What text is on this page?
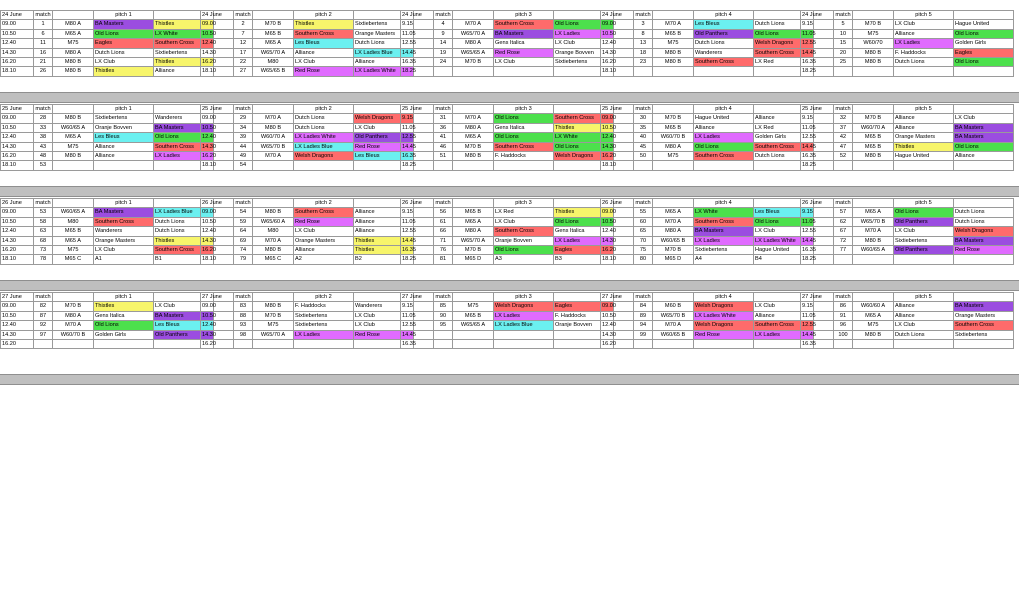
24 June	match		pitch 1	
09.00	1	M80 A	BA Masters	Thistles
10.50	6	M65 A	Old Lions	LX White
12.40	11	M75	Eagles	Southern Cross
14.30	16	M80 A	Dutch Lions	Sixtiebertens
16.20	21	M80 B	LX Club	Thistles
18.10	26	M80 B	Thistles	Alliance
24 June	match		pitch 2	
09.00	2	M70 B	Thistles	Sixtiebertens
10.50	7	M65 B	Southern Cross	Orange Masters
12.40	12	M65 A	Les Bleus	Dutch Lions
14.30	17	W65/70 A	Alliance	LX Ladies Blue
16.20	22	M80	LX Club	Alliance
18.10	27	W65/65 B	Red Rose	LX Ladies White
24 June	match		pitch 3	
9.15	4	M70 A	Southern Cross	Old Lions
11.05	9	W65/70 A	BA Masters	LX Ladies
12.55	14	M80 A	Gens Italica	LX Club
14.45	19	W65/65 A	Red Rose	Orange Bovven
16.35	24	M70 B	LX Club	Sixtiebertens
18.25				
24 June	match		pitch 4	
09.00	3	M70 A	Les Bleus	Dutch Lions
10.50	8	M65 B	Old Panthers	Old Lions
12.40	13	M75	Dutch Lions	Welsh Dragons
14.30	18	M80 B	Wanderers	Southern Cross
16.20	23	M80 B	Southern Cross	LX Red
18.10				
24 June	match		pitch 5	
9.15	5	M70 B	LX Club	Hague United
11.05	10	M75	Alliance	Old Lions
12.55	15	W60/70	LX Ladies	Golden Girls
14.45	20	M80 B	F. Haddocks	Eagles
16.35	25	M80 B	Dutch Lions	Old Lions
18.25				
25 June	match		pitch 1	
09.00	28	M80 B	Sixtiebertens	Wanderers
10.50	33	W60/65 A	Oranje Bovven	BA Masters
12.40	38	M65 A	Les Bleus	Old Lions
14.30	43	M75	Alliance	Southern Cross
16.20	48	M80 B	Alliance	LX Ladies
18.10	53			
25 June	match		pitch 2	
09.00	29	M70 A	Dutch Lions	Welsh Dragons
10.50	34	M80 B	Dutch Lions	LX Club
12.40	39	W60/70 A	LX Ladies White	Old Panthers
14.30	44	W65/70 B	LX Ladies Blue	Red Rose
16.20	49	M70 A	Welsh Dragons	Les Bleus
18.10	54			
25 June	match		pitch 3	
9.15	31	M70 A	Old Lions	Southern Cross
11.05	36	M80 A	Gens Italica	Thistles
12.55	41	M65 A	Old Lions	LX White
14.45	46	M70 B	Southern Cross	Old Lions
16.35	51	M80 B	F. Haddocks	Welsh Dragons
18.25				
25 June	match		pitch 4	
09.00	30	M70 B	Hague United	Alliance
10.50	35	M65 B	Alliance	LX Red
12.40	40	W60/70 B	LX Ladies	Golden Girls
14.30	45	M80 A	Old Lions	Southern Cross
16.20	50	M75	Southern Cross	Dutch Lions
18.10				
25 June	match		pitch 5	
9.15	32	M70 B	Alliance	LX Club
11.05	37	W60/70 A	Alliance	BA Masters
12.55	42	M65 B	Orange Masters	BA Masters
14.45	47	M65 B	Thistles	Old Lions
16.35	52	M80 B	Hague United	Alliance
18.25				
26 June	match		pitch 1	
09.00	53	W60/65 A	BA Masters	LX Ladies Blue
10.50	58	M80	Southern Cross	Dutch Lions
12.40	63	M65 B	Wanderers	Dutch Lions
14.30	68	M65 A	Orange Masters	Thistles
16.20	73	M75	LX Club	Southern Cross
18.10	78	M65 C	A1	B1
26 June	match		pitch 2	
09.00	54	M80 B	Southern Cross	Alliance
10.50	59	W65/60 A	Red Rose	Alliance
12.40	64	M80	LX Club	Alliance
14.30	69	M70 A	Orange Masters	Thistles
16.20	74	M80 B	Alliance	Thistles
18.10	79	M65 C	A2	B2
26 June	match		pitch 3	
9.15	56	M65 B	LX Red	Thistles
11.05	61	M65 A	LX Club	Old Lions
12.55	66	M80 A	Southern Cross	Gens Italica
14.45	71	W65/70 A	Oranje Bovven	LX Ladies
16.35	76	M70 B	Old Lions	Eagles
18.25	81	M65 D	A3	B3
26 June	match		pitch 4	
09.00	55	M65 A	LX White	Les Bleus
10.50	60	M70 A	Southern Cross	Old Lions
12.40	65	M80 A	BA Masters	LX Club
14.30	70	W60/65 B	LX Ladies	LX Ladies White
16.20	75	M70 B	Sixtiebertens	Hague United
18.10	80	M65 D	A4	B4
26 June	match		pitch 5	
9.15	57	M65 A	Old Lions	Dutch Lions
11.05	62	W65/70 B	Old Panthers	Dutch Lions
12.55	67	M70 A	LX Club	Welsh Dragons
14.45	72	M80 B	Sixtiebertens	BA Masters
16.35	77	W60/65 A	Old Panthers	Red Rose
18.25				
27 June	match		pitch 1	
09.00	82	M70 B	Thistles	LX Club
10.50	87	M80 A	Gens Italica	BA Masters
12.40	92	M70 A	Old Lions	Les Bleus
14.30	97	W60/70 B	Golden Girls	Old Panthers
16.20				
27 June	match		pitch 2	
09.00	83	M80 B	F. Haddocks	Wanderers
10.50	88	M70 B	Sixtiebertens	LX Club
12.40	93	M75	Sixtiebertens	LX Club
14.30	98	W65/70 A	LX Ladies	Red Rose
16.20				
27 June	match		pitch 3	
9.15	85	M75	Welsh Dragons	Eagles
11.05	90	M65 B	LX Ladies	F. Haddocks
12.55	95	W65/65 A	LX Ladies Blue	Oranje Bovven
14.45				
16.35				
27 June	match		pitch 4	
09.00	84	M60 B	Welsh Dragons	LX Club
10.50	89	W65/70 B	LX Ladies White	Alliance
12.40	94	M70 A	Welsh Dragons	Southern Cross
14.30	99	W60/65 B	Red Rose	LX Ladies
16.20				
27 June	match		pitch 5	
9.15	86	W60/60 A	Alliance	BA Masters
11.05	91	M65 A	Alliance	Orange Masters
12.55	96	M75	LX Club	Southern Cross
14.45	100	M80 B	Dutch Lions	Sixtiebertens
16.35				
